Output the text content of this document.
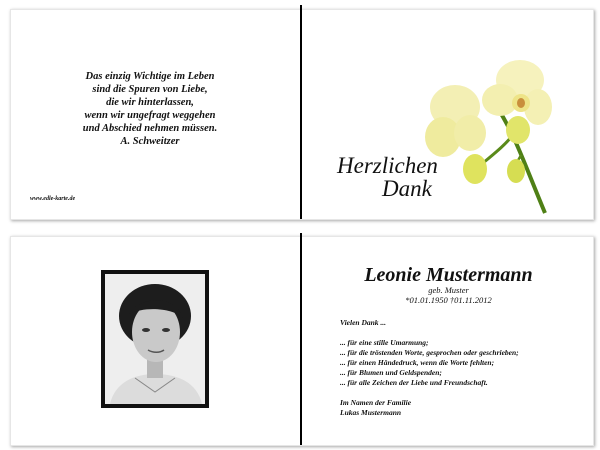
Das einzig Wichtige im Leben
sind die Spuren von Liebe,
die wir hinterlassen,
wenn wir ungefragt weggehen
und Abschied nehmen müssen.
A. Schweitzer
www.edle-karte.de
Herzlichen
Dank
Leonie Mustermann
geb. Muster
*01.01.1950 †01.11.2012
Vielen Dank ...
... für eine stille Umarmung;
... für die tröstenden Worte, gesprochen oder geschrieben;
... für einen Händedruck, wenn die Worte fehlten;
... für Blumen und Geldspenden;
... für alle Zeichen der Liebe und Freundschaft.
Im Namen der Familie
Lukas Mustermann
